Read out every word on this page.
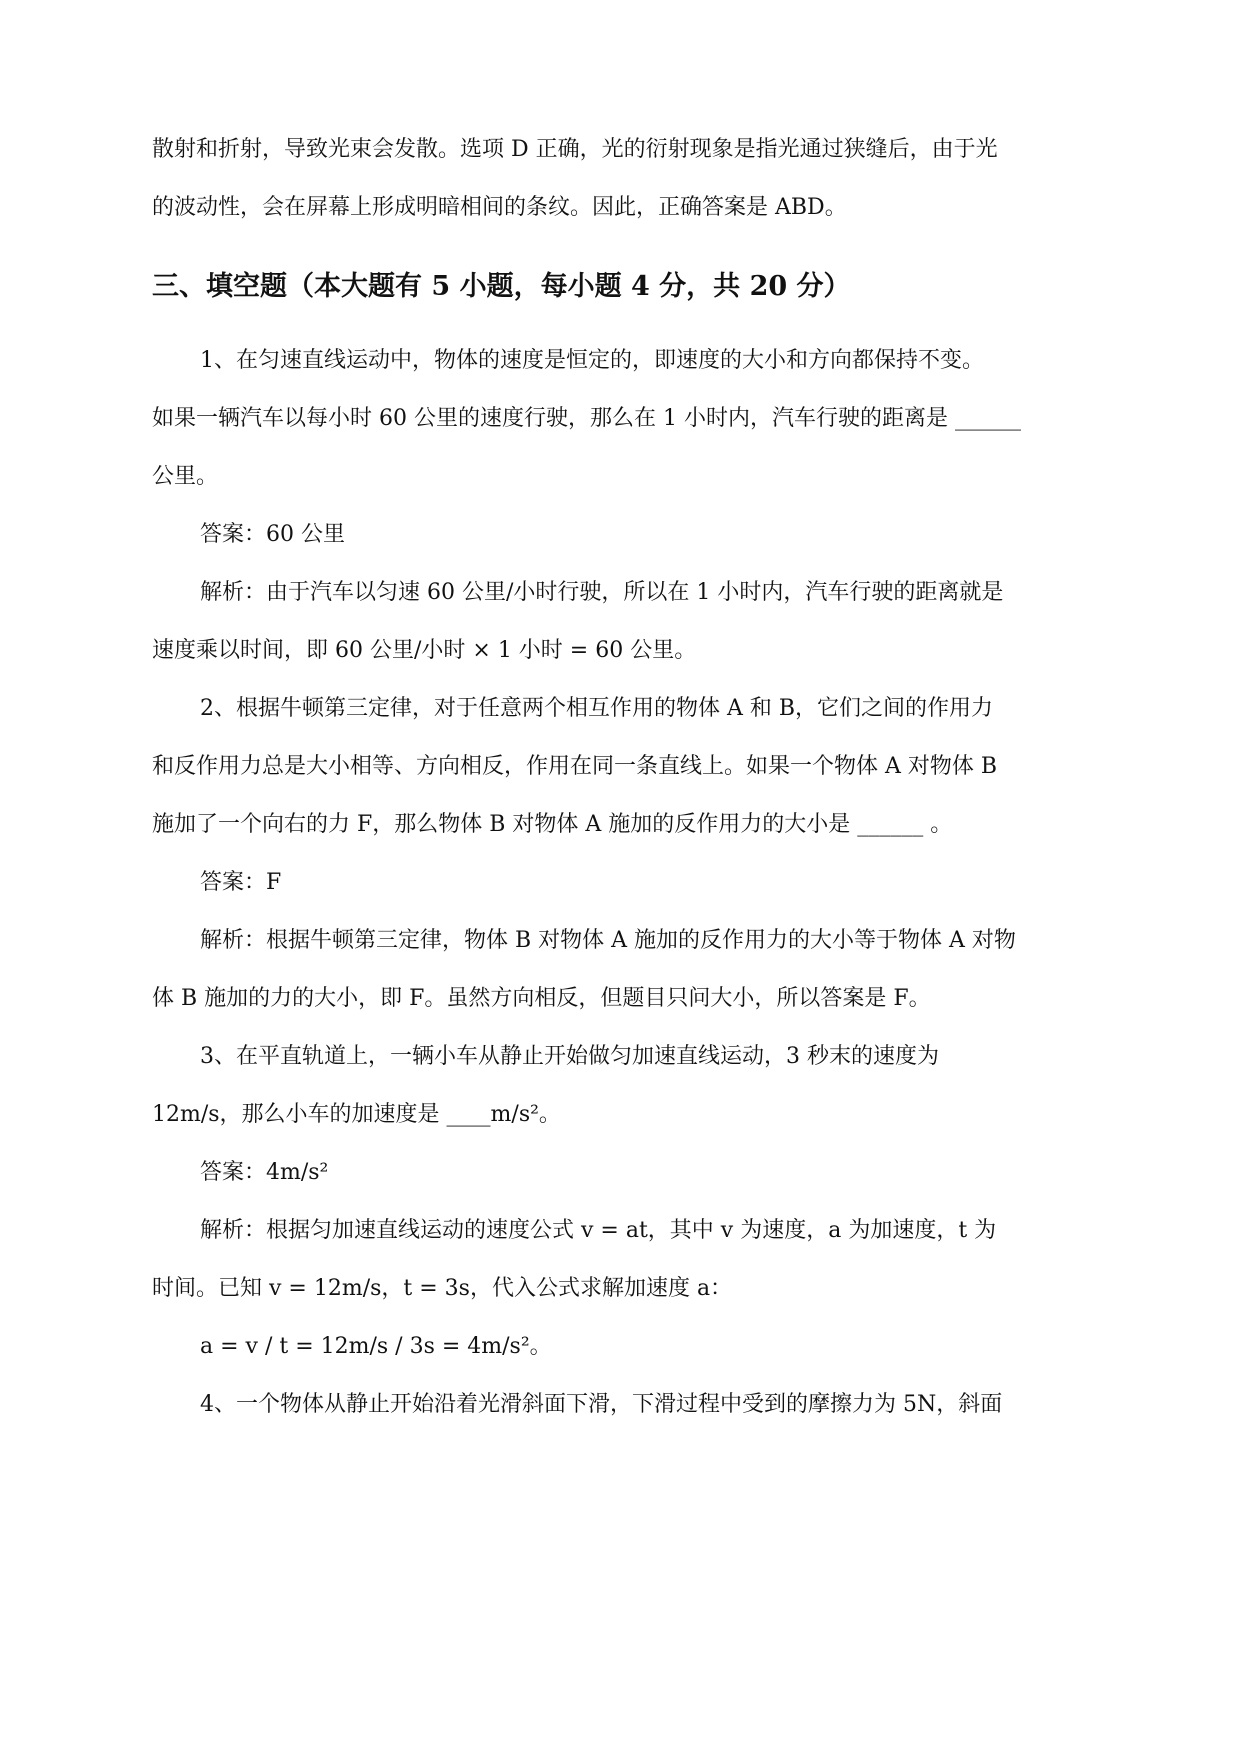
散射和折射，导致光束会发散。选项 D 正确，光的衍射现象是指光通过狭缝后，由于光
的波动性，会在屏幕上形成明暗相间的条纹。因此，正确答案是 ABD。
三、填空题（本大题有 5 小题，每小题 4 分，共 20 分）
1、在匀速直线运动中，物体的速度是恒定的，即速度的大小和方向都保持不变。
如果一辆汽车以每小时 60 公里的速度行驶，那么在 1 小时内，汽车行驶的距离是 ______
公里。
答案：60 公里
解析：由于汽车以匀速 60 公里/小时行驶，所以在 1 小时内，汽车行驶的距离就是
速度乘以时间，即 60 公里/小时 × 1 小时 = 60 公里。
2、根据牛顿第三定律，对于任意两个相互作用的物体 A 和 B，它们之间的作用力
和反作用力总是大小相等、方向相反，作用在同一条直线上。如果一个物体 A 对物体 B
施加了一个向右的力 F，那么物体 B 对物体 A 施加的反作用力的大小是 ______ 。
答案：F
解析：根据牛顿第三定律，物体 B 对物体 A 施加的反作用力的大小等于物体 A 对物
体 B 施加的力的大小，即 F。虽然方向相反，但题目只问大小，所以答案是 F。
3、在平直轨道上，一辆小车从静止开始做匀加速直线运动，3 秒末的速度为
12m/s，那么小车的加速度是 ____m/s²。
答案：4m/s²
解析：根据匀加速直线运动的速度公式 v = at，其中 v 为速度，a 为加速度，t 为
时间。已知 v = 12m/s，t = 3s，代入公式求解加速度 a：
a = v / t = 12m/s / 3s = 4m/s²。
4、一个物体从静止开始沿着光滑斜面下滑，下滑过程中受到的摩擦力为 5N，斜面
